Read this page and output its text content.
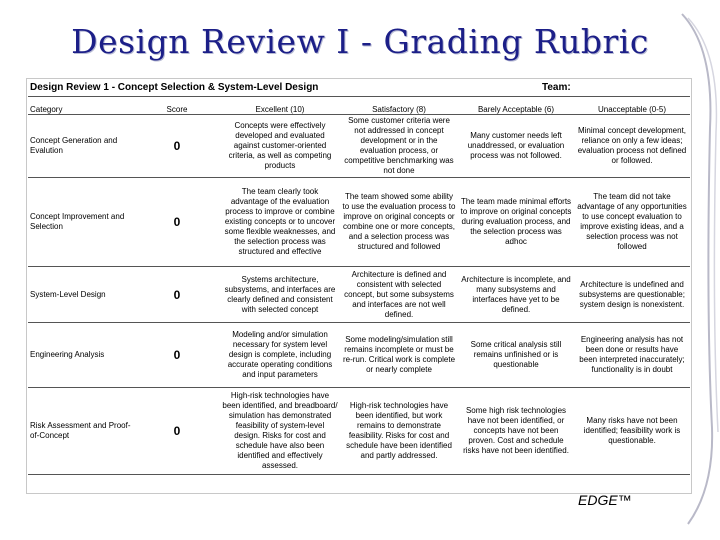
Design Review I - Grading Rubric
Design Review 1 - Concept Selection & System-Level Design	Team:
Category	Score	Excellent (10)	Satisfactory (8)	Barely Acceptable (6)	Unacceptable (0-5)
Concept Generation and Evalution	0	Concepts were effectively developed and evaluated against customer-oriented criteria, as well as competing products	Some customer criteria were not addressed in concept development or in the evaluation process, or competitive benchmarking was not done	Many customer needs left unaddressed, or evaluation process was not followed.	Minimal concept development, reliance on only a few ideas; evaluation process not defined or followed.
Concept Improvement and Selection	0	The team clearly took advantage of the evaluation process to improve or combine existing concepts or to uncover some flexible weaknesses, and the selection process was structured and effective	The team showed some ability to use the evaluation process to improve on original concepts or combine one or more concepts, and a selection process was structured and followed	The team made minimal efforts to improve on original concepts during evaluation process, and the selection process was adhoc	The team did not take advantage of any opportunities to use concept evaluation to improve existing ideas, and a selection process was not followed
System-Level Design	0	Systems architecture, subsystems, and interfaces are clearly defined and consistent with selected concept	Architecture is defined and consistent with selected concept, but some subsystems and interfaces are not well defined.	Architecture is incomplete, and many subsystems and interfaces have yet to be defined.	Architecture is undefined and subsystems are questionable; system design is nonexistent.
Engineering Analysis	0	Modeling and/or simulation necessary for system level design is complete, including accurate operating conditions and input parameters	Some modeling/simulation still remains incomplete or must be re-run. Critical work is complete or nearly complete	Some critical analysis still remains unfinished or is questionable	Engineering analysis has not been done or results have been interpreted inaccurately; functionality is in doubt
Risk Assessment and Proof-of-Concept	0	High-risk technologies have been identified, and breadboard/ simulation has demonstrated feasibility of system-level design. Risks for cost and schedule have also been identified and effectively assessed.	High-risk technologies have been identified, but work remains to demonstrate feasibility. Risks for cost and schedule have been identified and partly addressed.	Some high risk technologies have not been identified, or concepts have not been proven. Cost and schedule risks have not been identified.	Many risks have not been identified; feasibility work is questionable.
EDGE™
